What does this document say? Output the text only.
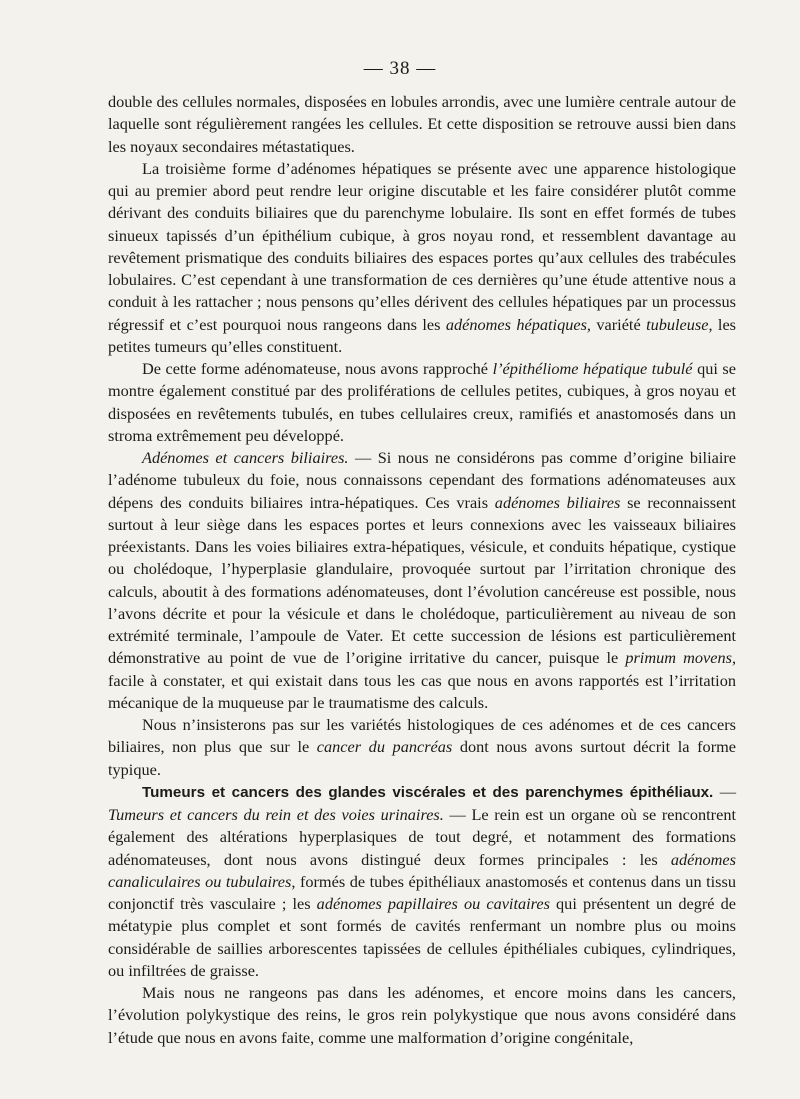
— 38 —

double des cellules normales, disposées en lobules arrondis, avec une lumière centrale autour de laquelle sont régulièrement rangées les cellules. Et cette disposition se retrouve aussi bien dans les noyaux secondaires métastatiques.

La troisième forme d’adénomes hépatiques se présente avec une apparence histologique qui au premier abord peut rendre leur origine discutable et les faire considérer plutôt comme dérivant des conduits biliaires que du parenchyme lobulaire. Ils sont en effet formés de tubes sinueux tapissés d’un épithélium cubique, à gros noyau rond, et ressemblent davantage au revêtement prismatique des conduits biliaires des espaces portes qu’aux cellules des trabécules lobulaires. C’est cependant à une transformation de ces dernières qu’une étude attentive nous a conduit à les rattacher ; nous pensons qu’elles dérivent des cellules hépatiques par un processus régressif et c’est pourquoi nous rangeons dans les adénomes hépatiques, variété tubuleuse, les petites tumeurs qu’elles constituent.

De cette forme adénomateuse, nous avons rapproché l’épithéliome hépatique tubulé qui se montre également constitué par des proliférations de cellules petites, cubiques, à gros noyau et disposées en revêtements tubulés, en tubes cellulaires creux, ramifiés et anastomosés dans un stroma extrêmement peu développé.

Adénomes et cancers biliaires. — Si nous ne considérons pas comme d’origine biliaire l’adénome tubuleux du foie, nous connaissons cependant des formations adénomateuses aux dépens des conduits biliaires intra-hépatiques. Ces vrais adénomes biliaires se reconnaissent surtout à leur siège dans les espaces portes et leurs connexions avec les vaisseaux biliaires préexistants. Dans les voies biliaires extra-hépatiques, vésicule, et conduits hépatique, cystique ou cholédoque, l’hyperplasie glandulaire, provoquée surtout par l’irritation chronique des calculs, aboutit à des formations adénomateuses, dont l’évolution cancéreuse est possible, nous l’avons décrite et pour la vésicule et dans le cholédoque, particulièrement au niveau de son extrémité terminale, l’ampoule de Vater. Et cette succession de lésions est particulièrement démonstrative au point de vue de l’origine irritative du cancer, puisque le primum movens, facile à constater, et qui existait dans tous les cas que nous en avons rapportés est l’irritation mécanique de la muqueuse par le traumatisme des calculs.

Nous n’insisterons pas sur les variétés histologiques de ces adénomes et de ces cancers biliaires, non plus que sur le cancer du pancréas dont nous avons surtout décrit la forme typique.

Tumeurs et cancers des glandes viscérales et des parenchymes épithéliaux. — Tumeurs et cancers du rein et des voies urinaires. — Le rein est un organe où se rencontrent également des altérations hyperplasiques de tout degré, et notamment des formations adénomateuses, dont nous avons distingué deux formes principales : les adénomes canaliculaires ou tubulaires, formés de tubes épithéliaux anastomosés et contenus dans un tissu conjonctif très vasculaire ; les adénomes papillaires ou cavitaires qui présentent un degré de métatypie plus complet et sont formés de cavités renfermant un nombre plus ou moins considérable de saillies arborescentes tapissées de cellules épithéliales cubiques, cylindriques, ou infiltrées de graisse.

Mais nous ne rangeons pas dans les adénomes, et encore moins dans les cancers, l’évolution polykystique des reins, le gros rein polykystique que nous avons considéré dans l’étude que nous en avons faite, comme une malformation d’origine congénitale,
